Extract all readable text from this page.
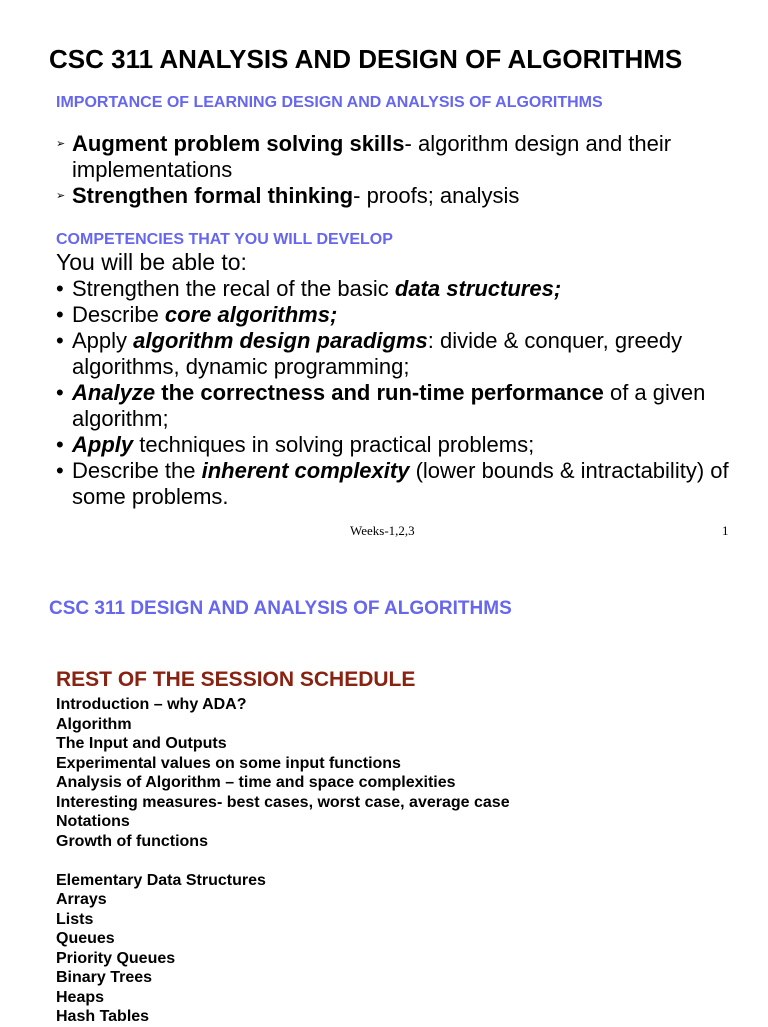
CSC 311 ANALYSIS AND DESIGN OF ALGORITHMS
IMPORTANCE OF LEARNING DESIGN AND ANALYSIS OF ALGORITHMS
➢ Augment problem solving skills- algorithm design and their implementations
➢ Strengthen formal thinking- proofs; analysis
COMPETENCIES THAT YOU WILL DEVELOP
You will be able to:
• Strengthen the recal of the basic data structures;
• Describe core algorithms;
• Apply algorithm design paradigms: divide & conquer, greedy algorithms, dynamic programming;
• Analyze the correctness and run-time performance of a given algorithm;
• Apply techniques in solving practical problems;
• Describe the inherent complexity (lower bounds & intractability) of some problems.
Weeks-1,2,3	1
CSC 311 DESIGN AND ANALYSIS OF ALGORITHMS
REST OF THE SESSION SCHEDULE
Introduction – why ADA?
Algorithm
The Input and Outputs
Experimental values on some input functions
Analysis of Algorithm – time and space complexities
Interesting measures- best cases, worst case, average case
Notations
Growth of functions
Elementary Data Structures
Arrays
Lists
Queues
Priority Queues
Binary Trees
Heaps
Hash Tables
